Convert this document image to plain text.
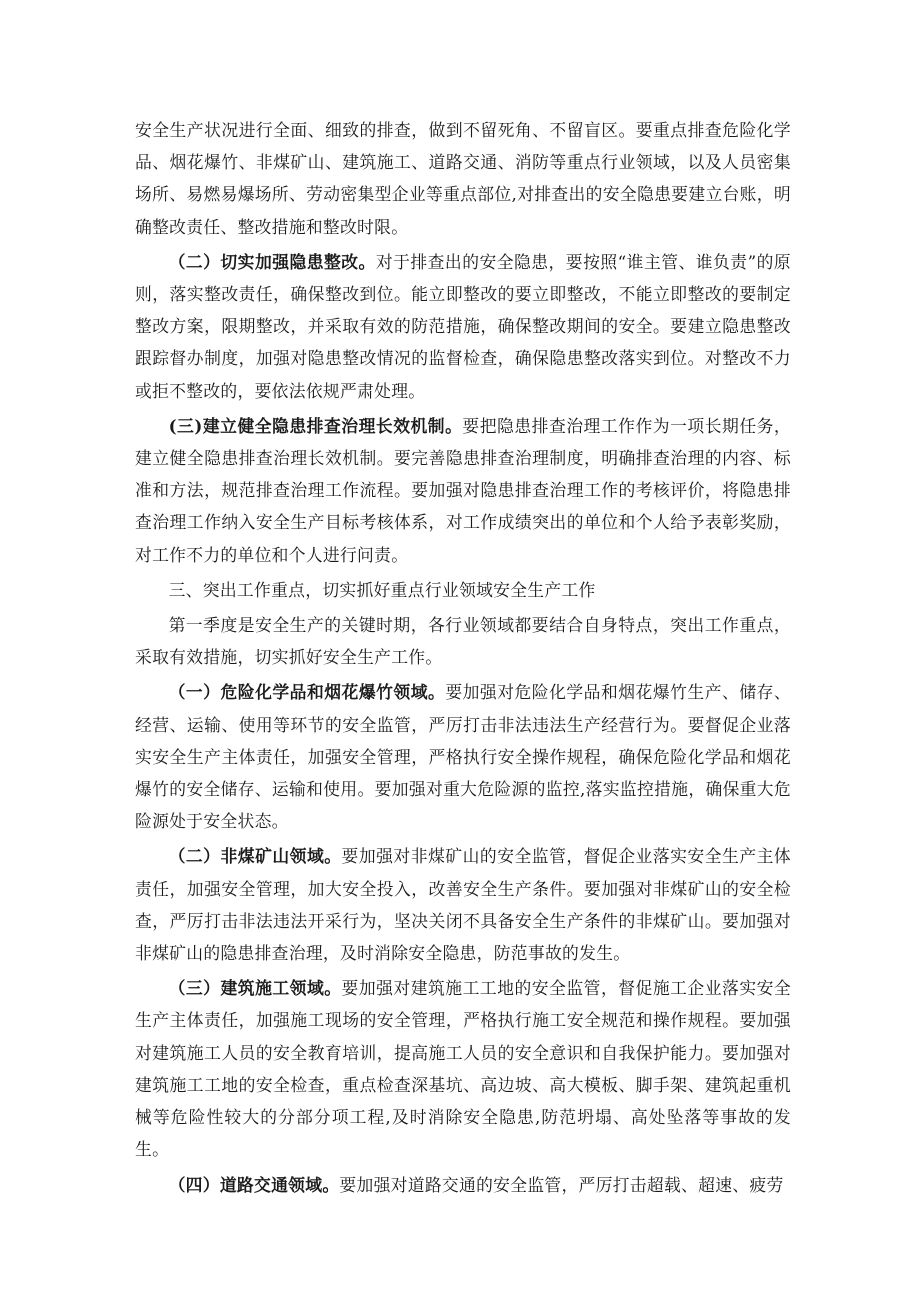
安全生产状况进行全面、细致的排查，做到不留死角、不留盲区。要重点排查危险化学品、烟花爆竹、非煤矿山、建筑施工、道路交通、消防等重点行业领域，以及人员密集场所、易燃易爆场所、劳动密集型企业等重点部位,对排查出的安全隐患要建立台账，明确整改责任、整改措施和整改时限。

（二）切实加强隐患整改。对于排查出的安全隐患，要按照“谁主管、谁负责”的原则，落实整改责任，确保整改到位。能立即整改的要立即整改，不能立即整改的要制定整改方案，限期整改，并采取有效的防范措施，确保整改期间的安全。要建立隐患整改跟踪督办制度，加强对隐患整改情况的监督检查，确保隐患整改落实到位。对整改不力或拒不整改的，要依法依规严肃处理。

(三)建立健全隐患排查治理长效机制。要把隐患排查治理工作作为一项长期任务，建立健全隐患排查治理长效机制。要完善隐患排查治理制度，明确排查治理的内容、标准和方法，规范排查治理工作流程。要加强对隐患排查治理工作的考核评价，将隐患排查治理工作纳入安全生产目标考核体系，对工作成绩突出的单位和个人给予表彰奖励，对工作不力的单位和个人进行问责。

三、突出工作重点，切实抓好重点行业领域安全生产工作

第一季度是安全生产的关键时期，各行业领域都要结合自身特点，突出工作重点，采取有效措施，切实抓好安全生产工作。

（一）危险化学品和烟花爆竹领域。要加强对危险化学品和烟花爆竹生产、储存、经营、运输、使用等环节的安全监管，严厉打击非法违法生产经营行为。要督促企业落实安全生产主体责任，加强安全管理，严格执行安全操作规程，确保危险化学品和烟花爆竹的安全储存、运输和使用。要加强对重大危险源的监控,落实监控措施，确保重大危险源处于安全状态。

（二）非煤矿山领域。要加强对非煤矿山的安全监管，督促企业落实安全生产主体责任，加强安全管理，加大安全投入，改善安全生产条件。要加强对非煤矿山的安全检查，严厉打击非法违法开采行为，坚决关闭不具备安全生产条件的非煤矿山。要加强对非煤矿山的隐患排查治理，及时消除安全隐患，防范事故的发生。

（三）建筑施工领域。要加强对建筑施工工地的安全监管，督促施工企业落实安全生产主体责任，加强施工现场的安全管理，严格执行施工安全规范和操作规程。要加强对建筑施工人员的安全教育培训，提高施工人员的安全意识和自我保护能力。要加强对建筑施工工地的安全检查，重点检查深基坑、高边坡、高大模板、脚手架、建筑起重机械等危险性较大的分部分项工程,及时消除安全隐患,防范坍塌、高处坠落等事故的发生。

（四）道路交通领域。要加强对道路交通的安全监管，严厉打击超载、超速、疲劳
